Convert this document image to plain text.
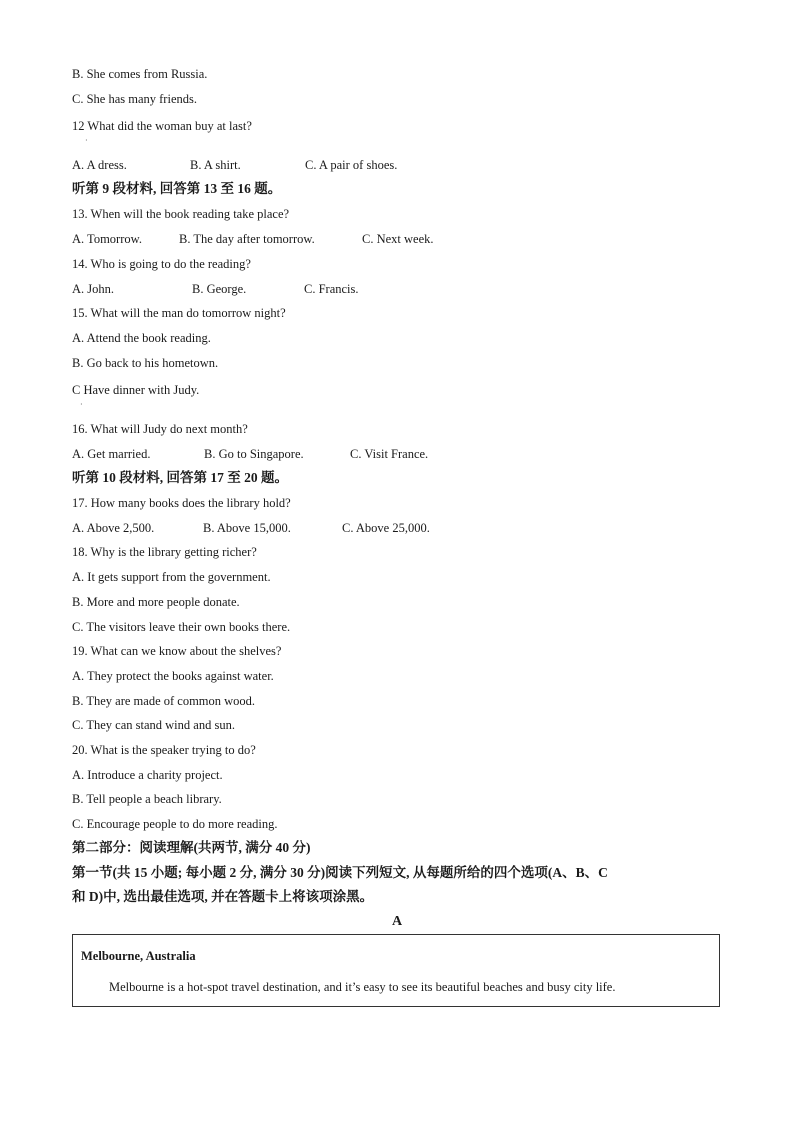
B. She comes from Russia.
C. She has many friends.
12 What did the woman buy at last?
·
A. A dress.	B. A shirt.	C. A pair of shoes.
听第 9 段材料, 回答第 13 至 16 题。
13. When will the book reading take place?
A. Tomorrow.	B. The day after tomorrow.	C. Next week.
14. Who is going to do the reading?
A. John.	B. George.	C. Francis.
15. What will the man do tomorrow night?
A. Attend the book reading.
B. Go back to his hometown.
C Have dinner with Judy.
·
16. What will Judy do next month?
A. Get married.	B. Go to Singapore.	C. Visit France.
听第 10 段材料, 回答第 17 至 20 题。
17. How many books does the library hold?
A. Above 2,500.	B. Above 15,000.	C. Above 25,000.
18. Why is the library getting richer?
A. It gets support from the government.
B. More and more people donate.
C. The visitors leave their own books there.
19. What can we know about the shelves?
A. They protect the books against water.
B. They are made of common wood.
C. They can stand wind and sun.
20. What is the speaker trying to do?
A. Introduce a charity project.
B. Tell people a beach library.
C. Encourage people to do more reading.
第二部分：阅读理解(共两节, 满分 40 分)
第一节(共 15 小题; 每小题 2 分, 满分 30 分)阅读下列短文, 从每题所给的四个选项(A、B、C
和 D)中, 选出最佳选项, 并在答题卡上将该项涂黑。
A
Melbourne, Australia
Melbourne is a hot-spot travel destination, and it’s easy to see its beautiful beaches and busy city life.
